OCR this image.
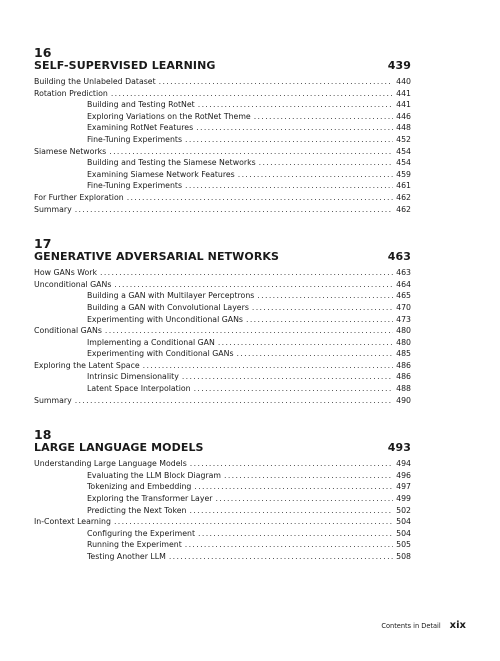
16
SELF-SUPERVISED LEARNING	439
Building the Unlabeled Dataset .....	440
Rotation Prediction .....	441
Building and Testing RotNet .....	441
Exploring Variations on the RotNet Theme .....	446
Examining RotNet Features .....	448
Fine-Tuning Experiments .....	452
Siamese Networks .....	454
Building and Testing the Siamese Networks .....	454
Examining Siamese Network Features .....	459
Fine-Tuning Experiments .....	461
For Further Exploration .....	462
Summary .....	462
17
GENERATIVE ADVERSARIAL NETWORKS	463
How GANs Work .....	463
Unconditional GANs .....	464
Building a GAN with Multilayer Perceptrons .....	465
Building a GAN with Convolutional Layers .....	470
Experimenting with Unconditional GANs .....	473
Conditional GANs .....	480
Implementing a Conditional GAN .....	480
Experimenting with Conditional GANs .....	485
Exploring the Latent Space .....	486
Intrinsic Dimensionality .....	486
Latent Space Interpolation .....	488
Summary .....	490
18
LARGE LANGUAGE MODELS	493
Understanding Large Language Models .....	494
Evaluating the LLM Block Diagram .....	496
Tokenizing and Embedding .....	497
Exploring the Transformer Layer .....	499
Predicting the Next Token .....	502
In-Context Learning .....	504
Configuring the Experiment .....	504
Running the Experiment .....	505
Testing Another LLM .....	508
Contents in Detail xix
